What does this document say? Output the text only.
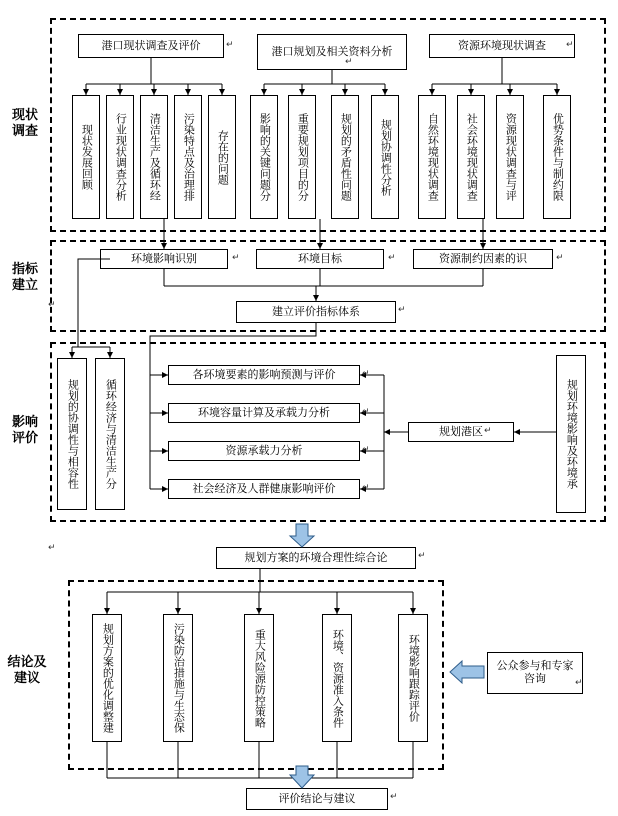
现状
调查
指标
建立
影响
评价
结论及
建议
港口现状调查及评价	港口规划及相关资料分析	资源环境现状调查
现状发展回顾 行业现状调查分析 清洁生产及循环经 污染特点及治理排 存在的问题	影响的关键问题分 重要规划项目的分	规划的矛盾性问题 规划协调性分析	自然环境现状调查 社会环境现状调查 资源现状调查与评	优势条件与制约限
环境影响识别	环境目标	资源制约因素的识
建立评价指标体系
规划的协调性与相容性 循环经济与清洁生产分
各环境要素的影响预测与评价
环境容量计算及承载力分析
资源承载力分析
社会经济及人群健康影响评价
规划港区	规划环境影响及环境承
规划方案的环境合理性综合论
规划方案的优化调整建	污染防治措施与生态保	重大风险源防控策略	环境、资源准入条件	环境影响跟踪评价	公众参与和专家咨询
评价结论与建议
↵
↵
↵
↵	↵	↵
↵
↵
↵
↵
↵
↵
↵
↵
↵
↵
↵
